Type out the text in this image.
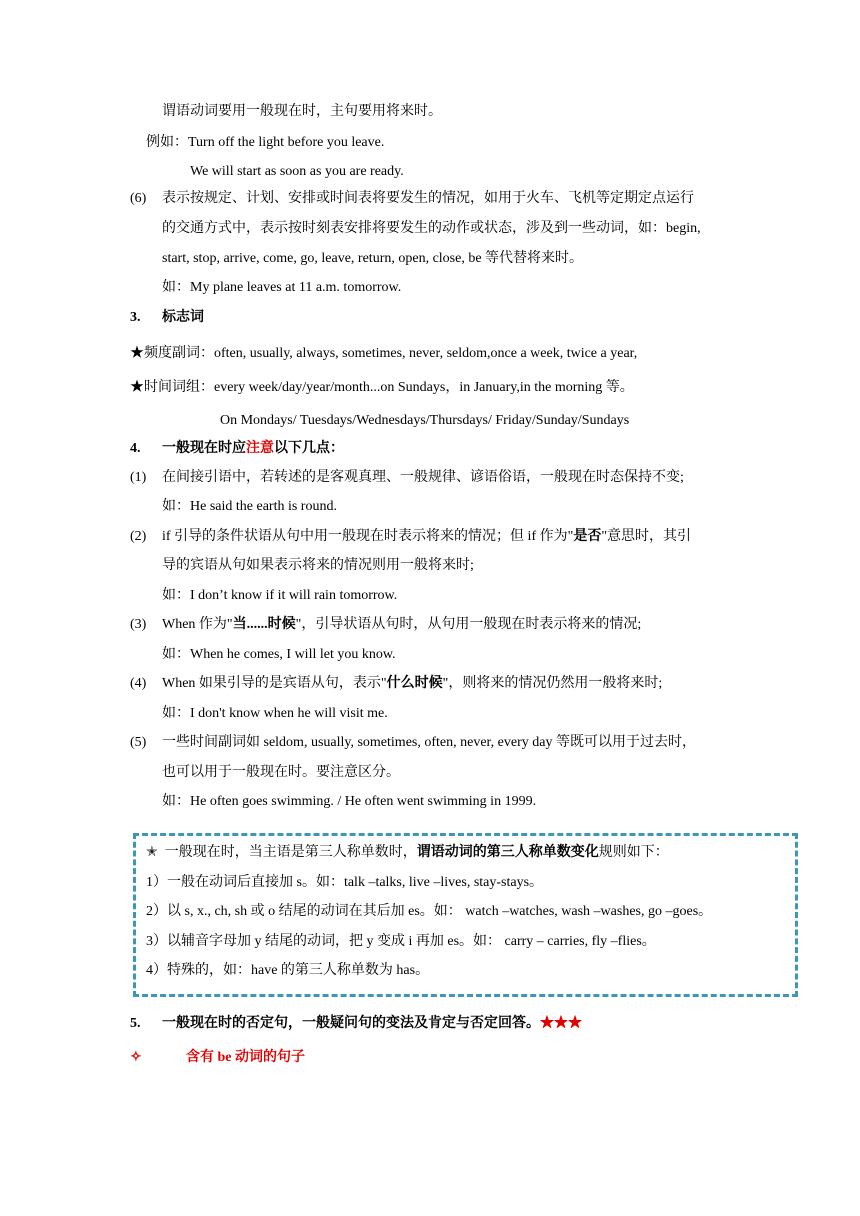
谓语动词要用一般现在时，主句要用将来时。
例如：Turn off the light before you leave.
We will start as soon as you are ready.
(6) 表示按规定、计划、安排或时间表将要发生的情况，如用于火车、飞机等定期定点运行
的交通方式中，表示按时刻表安排将要发生的动作或状态，涉及到一些动词，如：begin,
start, stop, arrive, come, go, leave, return, open, close, be 等代替将来时。
如：My plane leaves at 11 a.m. tomorrow.
3. 标志词
★频度副词：often, usually, always, sometimes, never, seldom,once a week, twice a year,
★时间词组：every week/day/year/month...on Sundays，in January,in the morning 等。
On Mondays/ Tuesdays/Wednesdays/Thursdays/ Friday/Sunday/Sundays
4. 一般现在时应注意以下几点：
(1) 在间接引语中，若转述的是客观真理、一般规律、谚语俗语，一般现在时态保持不变;
如：He said the earth is round.
(2) if 引导的条件状语从句中用一般现在时表示将来的情况；但 if 作为"是否"意思时，其引
导的宾语从句如果表示将来的情况则用一般将来时;
如：I don’t know if it will rain tomorrow.
(3) When 作为"当......时候"，引导状语从句时，从句用一般现在时表示将来的情况;
如：When he comes, I will let you know.
(4) When 如果引导的是宾语从句，表示"什么时候"，则将来的情况仍然用一般将来时;
如：I don't know when he will visit me.
(5) 一些时间副词如 seldom, usually, sometimes, often, never, every day 等既可以用于过去时，
也可以用于一般现在时。要注意区分。
如：He often goes swimming. / He often went swimming in 1999.
✭ 一般现在时，当主语是第三人称单数时，谓语动词的第三人称单数变化规则如下：
1）一般在动词后直接加 s。如：talk –talks, live –lives, stay-stays。
2）以 s, x., ch, sh 或 o 结尾的动词在其后加 es。如： watch –watches, wash –washes, go –goes。
3）以辅音字母加 y 结尾的动词，把 y 变成 i 再加 es。如： carry – carries, fly –flies。
4）特殊的，如：have 的第三人称单数为 has。
5. 一般现在时的否定句，一般疑问句的变法及肯定与否定回答。★★★
✧	含有 be 动词的句子
